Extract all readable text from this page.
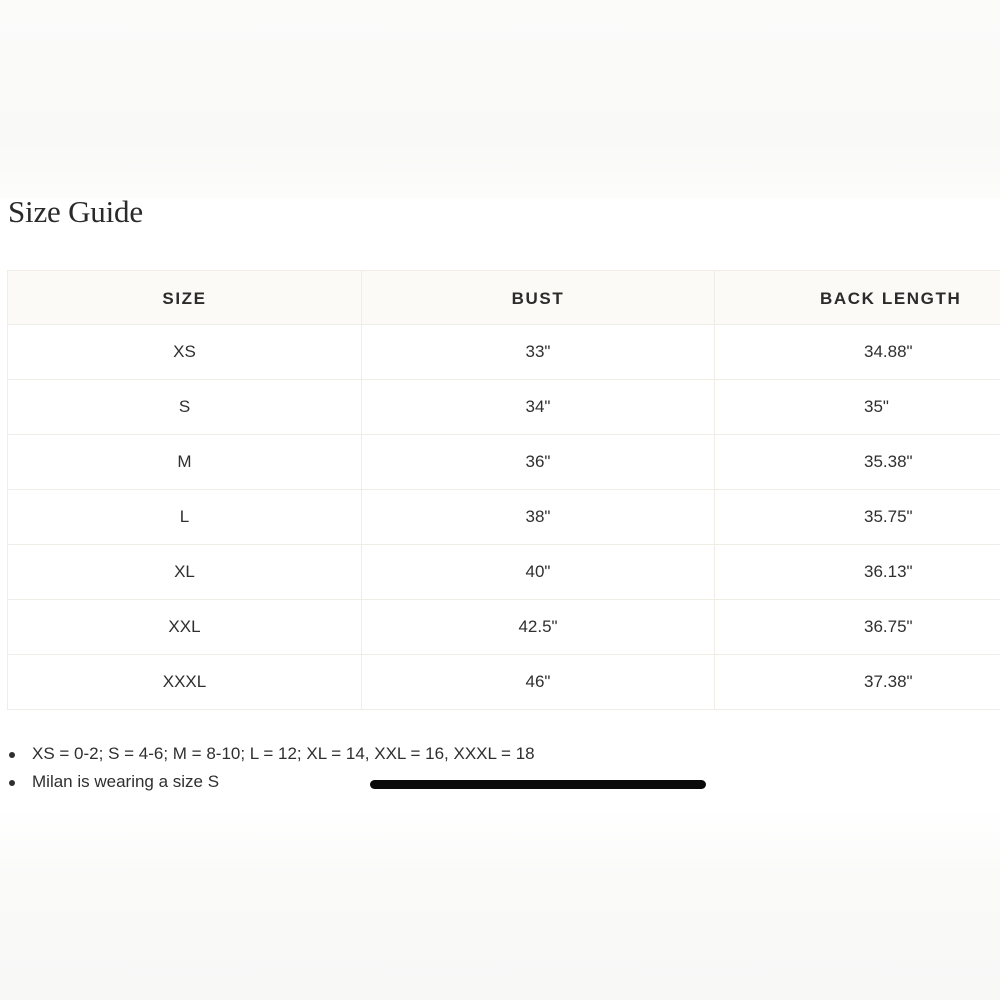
Size Guide
SIZE	BUST	BACK LENGTH
XS	33"	34.88"
S	34"	35"
M	36"	35.38"
L	38"	35.75"
XL	40"	36.13"
XXL	42.5"	36.75"
XXXL	46"	37.38"
XS = 0-2; S = 4-6; M = 8-10; L = 12; XL = 14, XXL = 16, XXXL = 18
Milan is wearing a size S
